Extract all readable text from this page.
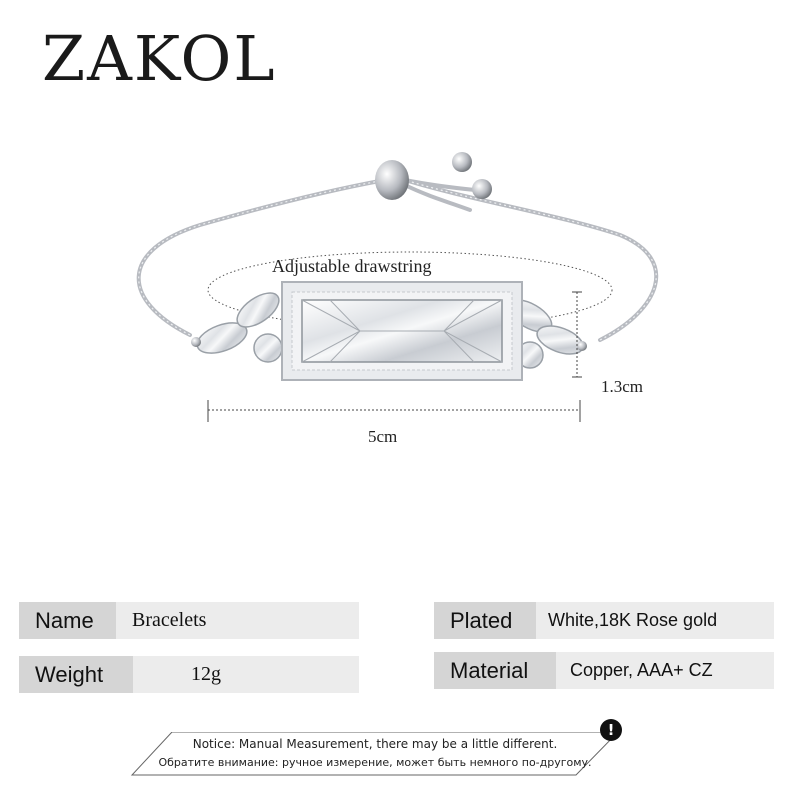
ZAKOL
1.3cm
5cm
Adjustable drawstring
Name	Bracelets
Weight	12g
Plated	White,18K Rose gold
Material	Copper, AAA+ CZ
Notice: Manual Measurement, there may be a little different.
Обратите внимание: ручное измерение, может быть немного по-другому.
!
